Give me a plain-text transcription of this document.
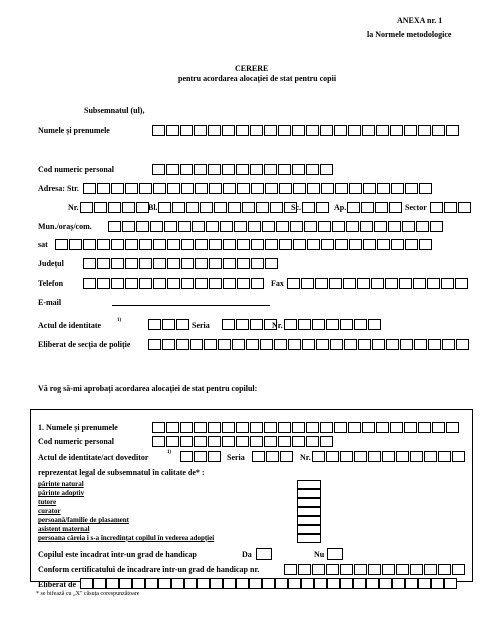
ANEXA nr. 1
la Normele metodologice
CERERE
pentru acordarea alocației de stat pentru copii
Subsemnatul (ul),
Numele și prenumele
Cod numeric personal
Adresa: Str.
Nr.	Bl.	Sc.	Ap.	Sector
Mun./oraș/com.
sat
Județul
Telefon	Fax
E-mail
Actul de identitate
1)
Seria	Nr.
Eliberat de secția de poliție
Vă rog să-mi aprobați acordarea alocației de stat pentru copilul:
1. Numele și prenumele
Cod numeric personal
Actul de identitate/act doveditor
1)
Seria	Nr.
reprezentat legal de subsemnatul în calitate de* :
părinte natural
părinte adoptiv
tutore
curator
persoană/familie de plasament
asistent maternal
persoana căreia i s-a încredințat copilul în vederea adopției
Copilul este încadrat într-un grad de handicap	Da	Nu
Conform certificatului de încadrare într-un grad de handicap nr.
Eliberat de
* se bifează cu „X" căsuța corespunzătoare
